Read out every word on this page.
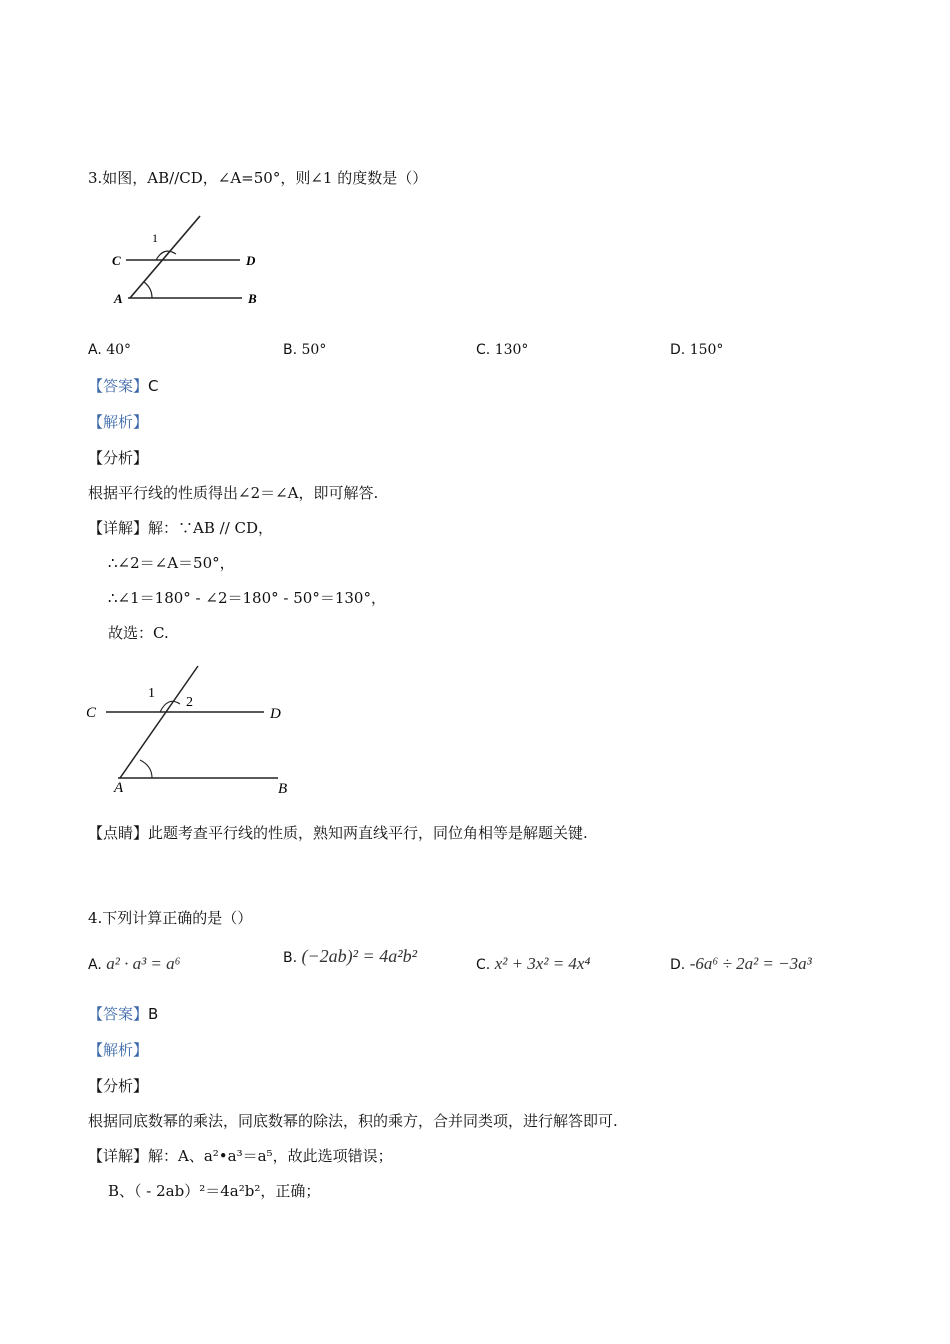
3.如图，AB//CD，∠A=50°，则∠1 的度数是（）
C	D
A	B
1
A. 40°	B. 50°	C. 130°	D. 150°
【答案】C
【解析】
【分析】
根据平行线的性质得出∠2＝∠A，即可解答.
【详解】解：∵AB // CD，
∴∠2＝∠A＝50°，
∴∠1＝180° - ∠2＝180° - 50°＝130°，
故选：C.
C	D
A	B
1
2
【点睛】此题考查平行线的性质，熟知两直线平行，同位角相等是解题关键.
4.下列计算正确的是（）
A. a² · a³ = a⁶	B. (−2ab)² = 4a²b²	C. x² + 3x² = 4x⁴	D. -6a⁶ ÷ 2a² = −3a³
【答案】B
【解析】
【分析】
根据同底数幂的乘法，同底数幂的除法，积的乘方，合并同类项，进行解答即可.
【详解】解：A、a²•a³＝a⁵，故此选项错误；
B、（ - 2ab）²＝4a²b²，正确；
